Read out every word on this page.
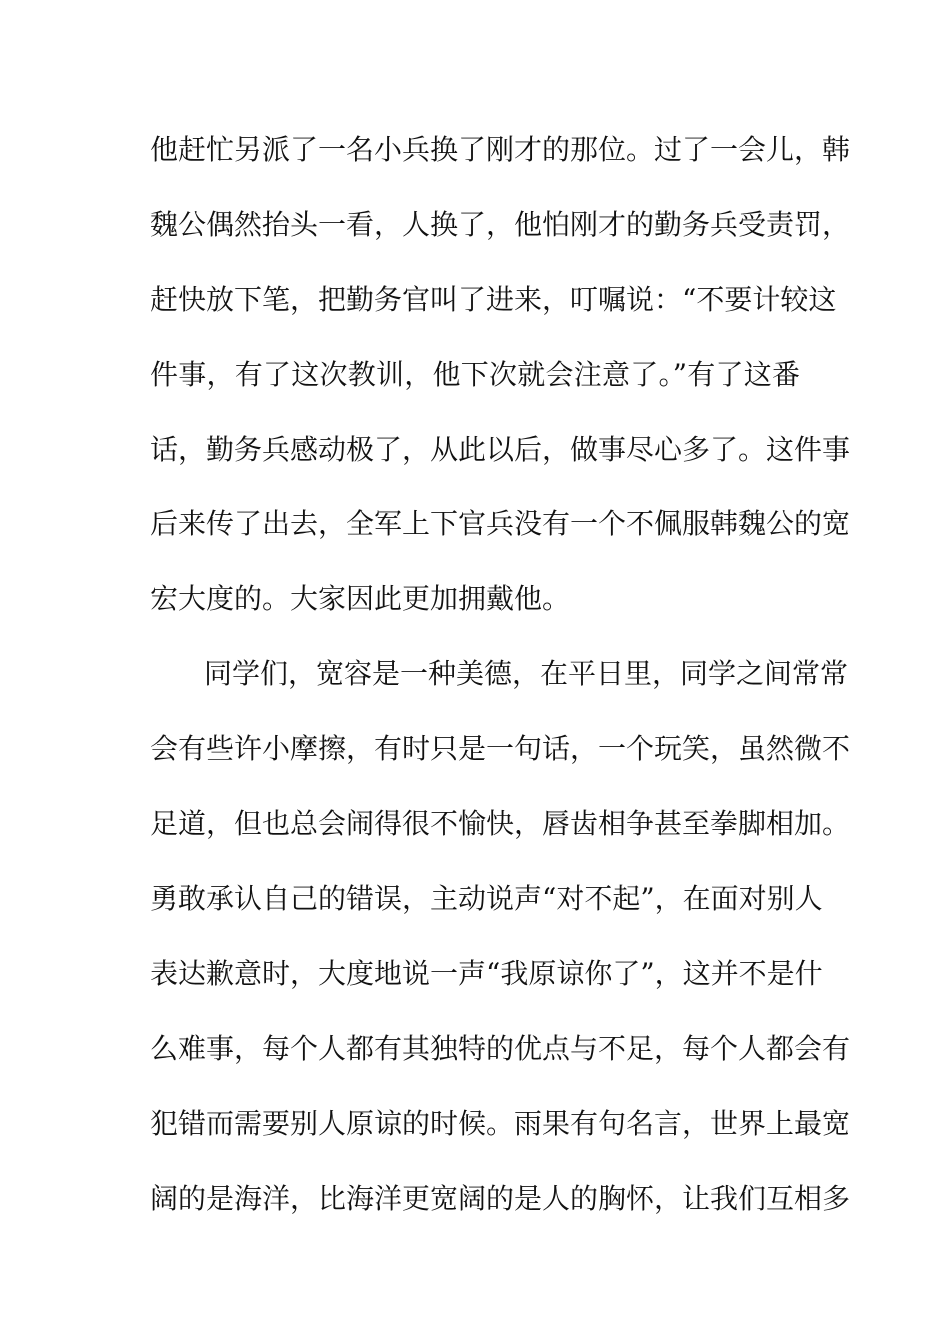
他赶忙另派了一名小兵换了刚才的那位。过了一会儿，韩
魏公偶然抬头一看，人换了，他怕刚才的勤务兵受责罚，
赶快放下笔，把勤务官叫了进来，叮嘱说：“不要计较这
件事，有了这次教训，他下次就会注意了。”有了这番
话，勤务兵感动极了，从此以后，做事尽心多了。这件事
后来传了出去，全军上下官兵没有一个不佩服韩魏公的宽
宏大度的。大家因此更加拥戴他。
同学们，宽容是一种美德，在平日里，同学之间常常
会有些许小摩擦，有时只是一句话，一个玩笑，虽然微不
足道，但也总会闹得很不愉快，唇齿相争甚至拳脚相加。
勇敢承认自己的错误，主动说声“对不起”，在面对别人
表达歉意时，大度地说一声“我原谅你了”，这并不是什
么难事，每个人都有其独特的优点与不足，每个人都会有
犯错而需要别人原谅的时候。雨果有句名言，世界上最宽
阔的是海洋，比海洋更宽阔的是人的胸怀，让我们互相多
